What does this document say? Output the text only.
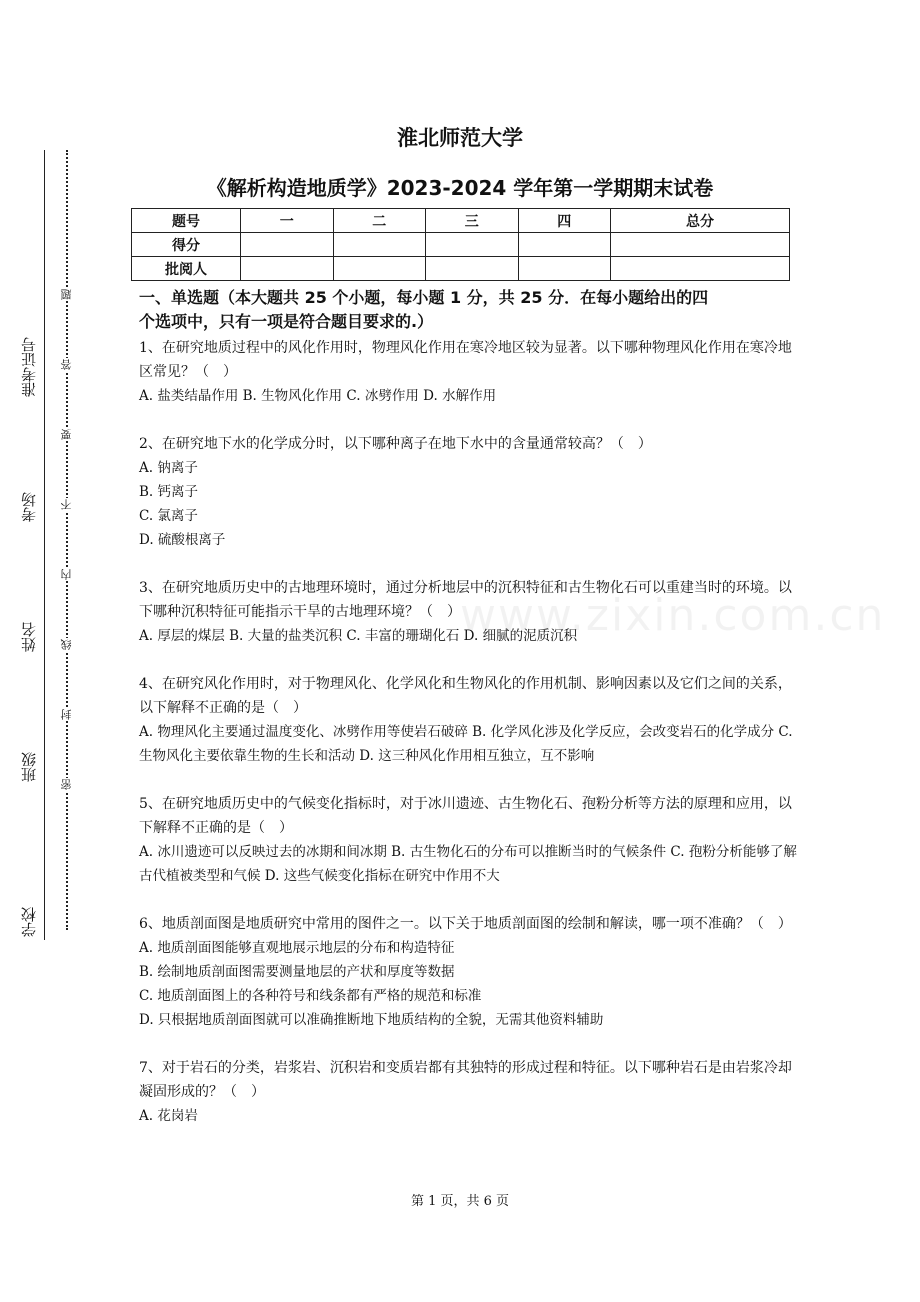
准考证号
考场
姓名
班级
学校
题
答
要
不
内
线
封
密
淮北师范大学
《解析构造地质学》2023-2024 学年第一学期期末试卷
题号	一	二	三	四	总分
得分					
批阅人					
www.zixin.com.cn
一、单选题（本大题共 25 个小题，每小题 1 分，共 25 分．在每小题给出的四
个选项中，只有一项是符合题目要求的.）
1、在研究地质过程中的风化作用时，物理风化作用在寒冷地区较为显著。以下哪种物理风化作用在寒冷地区常见？（　）
A. 盐类结晶作用 B. 生物风化作用 C. 冰劈作用 D. 水解作用
2、在研究地下水的化学成分时，以下哪种离子在地下水中的含量通常较高？（　）
A. 钠离子
B. 钙离子
C. 氯离子
D. 硫酸根离子
3、在研究地质历史中的古地理环境时，通过分析地层中的沉积特征和古生物化石可以重建当时的环境。以下哪种沉积特征可能指示干旱的古地理环境？（　）
A. 厚层的煤层 B. 大量的盐类沉积 C. 丰富的珊瑚化石 D. 细腻的泥质沉积
4、在研究风化作用时，对于物理风化、化学风化和生物风化的作用机制、影响因素以及它们之间的关系，以下解释不正确的是（　）
A. 物理风化主要通过温度变化、冰劈作用等使岩石破碎 B. 化学风化涉及化学反应，会改变岩石的化学成分 C. 生物风化主要依靠生物的生长和活动 D. 这三种风化作用相互独立，互不影响
5、在研究地质历史中的气候变化指标时，对于冰川遗迹、古生物化石、孢粉分析等方法的原理和应用，以下解释不正确的是（　）
A. 冰川遗迹可以反映过去的冰期和间冰期 B. 古生物化石的分布可以推断当时的气候条件 C. 孢粉分析能够了解古代植被类型和气候 D. 这些气候变化指标在研究中作用不大
6、地质剖面图是地质研究中常用的图件之一。以下关于地质剖面图的绘制和解读，哪一项不准确？（　）
A. 地质剖面图能够直观地展示地层的分布和构造特征
B. 绘制地质剖面图需要测量地层的产状和厚度等数据
C. 地质剖面图上的各种符号和线条都有严格的规范和标准
D. 只根据地质剖面图就可以准确推断地下地质结构的全貌，无需其他资料辅助
7、对于岩石的分类，岩浆岩、沉积岩和变质岩都有其独特的形成过程和特征。以下哪种岩石是由岩浆冷却凝固形成的？（　）
A. 花岗岩
第 1 页，共 6 页
